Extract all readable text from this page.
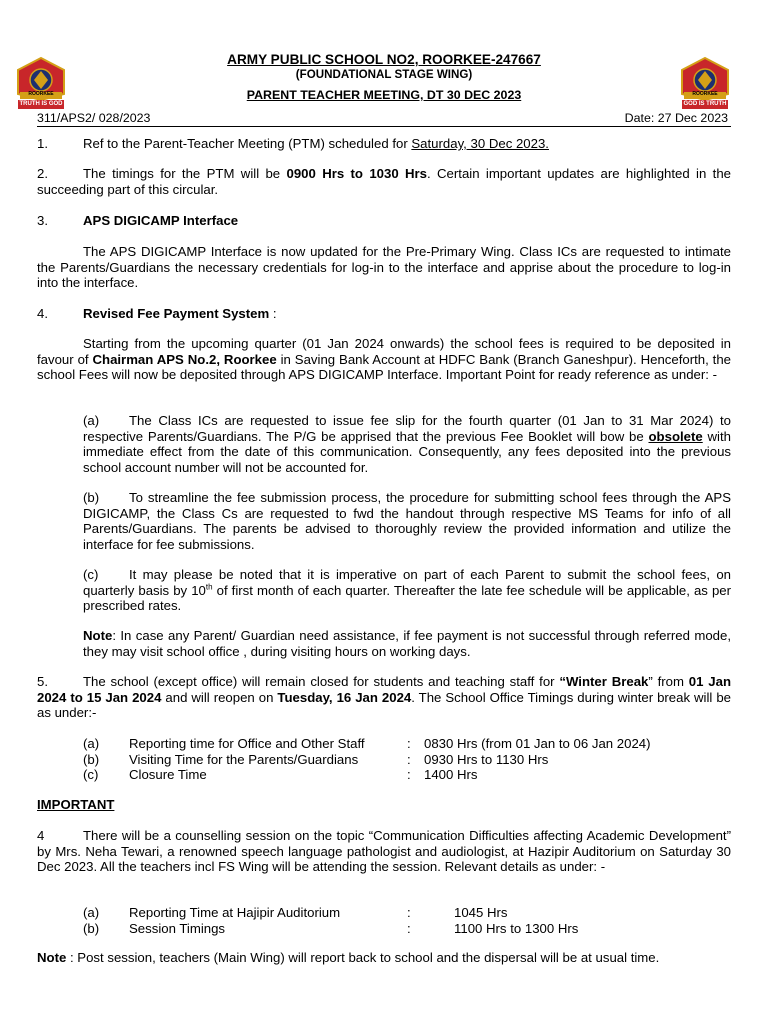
ROORKEE
TRUTH IS GOD
ROORKEE
GOD IS TRUTH
ARMY PUBLIC SCHOOL NO2, ROORKEE-247667
(FOUNDATIONAL STAGE WING)
PARENT TEACHER MEETING, DT 30 DEC 2023
311/APS2/ 028/2023	Date: 27 Dec 2023
1.	Ref to the Parent-Teacher Meeting (PTM) scheduled for Saturday, 30 Dec 2023.
2.	The timings for the PTM will be 0900 Hrs to 1030 Hrs. Certain important updates are highlighted in the succeeding part of this circular.
3.	APS DIGICAMP Interface
The APS DIGICAMP Interface is now updated for the Pre-Primary Wing. Class ICs are requested to intimate the Parents/Guardians the necessary credentials for log-in to the interface and apprise about the procedure to log-in into the interface.
4.	Revised Fee Payment System :
Starting from the upcoming quarter (01 Jan 2024 onwards) the school fees is required to be deposited in favour of Chairman APS No.2, Roorkee in Saving Bank Account at HDFC Bank (Branch Ganeshpur). Henceforth, the school Fees will now be deposited through APS DIGICAMP Interface. Important Point for ready reference as under: -
(a) The Class ICs are requested to issue fee slip for the fourth quarter (01 Jan to 31 Mar 2024) to respective Parents/Guardians. The P/G be apprised that the previous Fee Booklet will bow be obsolete with immediate effect from the date of this communication. Consequently, any fees deposited into the previous school account number will not be accounted for.
(b) To streamline the fee submission process, the procedure for submitting school fees through the APS DIGICAMP, the Class Cs are requested to fwd the handout through respective MS Teams for info of all Parents/Guardians. The parents be advised to thoroughly review the provided information and utilize the interface for fee submissions.
(c) It may please be noted that it is imperative on part of each Parent to submit the school fees, on quarterly basis by 10th of first month of each quarter. Thereafter the late fee schedule will be applicable, as per prescribed rates.
Note: In case any Parent/ Guardian need assistance, if fee payment is not successful through referred mode, they may visit school office , during visiting hours on working days.
5.	The school (except office) will remain closed for students and teaching staff for “Winter Break” from 01 Jan 2024 to 15 Jan 2024 and will reopen on Tuesday, 16 Jan 2024. The School Office Timings during winter break will be as under:-
(a) Reporting time for Office and Other Staff	: 0830 Hrs (from 01 Jan to 06 Jan 2024)
(b) Visiting Time for the Parents/Guardians	: 0930 Hrs to 1130 Hrs
(c) Closure Time	: 1400 Hrs
IMPORTANT
4	There will be a counselling session on the topic “Communication Difficulties affecting Academic Development” by Mrs. Neha Tewari, a renowned speech language pathologist and audiologist, at Hazipir Auditorium on Saturday 30 Dec 2023. All the teachers incl FS Wing will be attending the session. Relevant details as under: -
(a) Reporting Time at Hajipir Auditorium	:	1045 Hrs
(b) Session Timings	:	1100 Hrs to 1300 Hrs
Note : Post session, teachers (Main Wing) will report back to school and the dispersal will be at usual time.
